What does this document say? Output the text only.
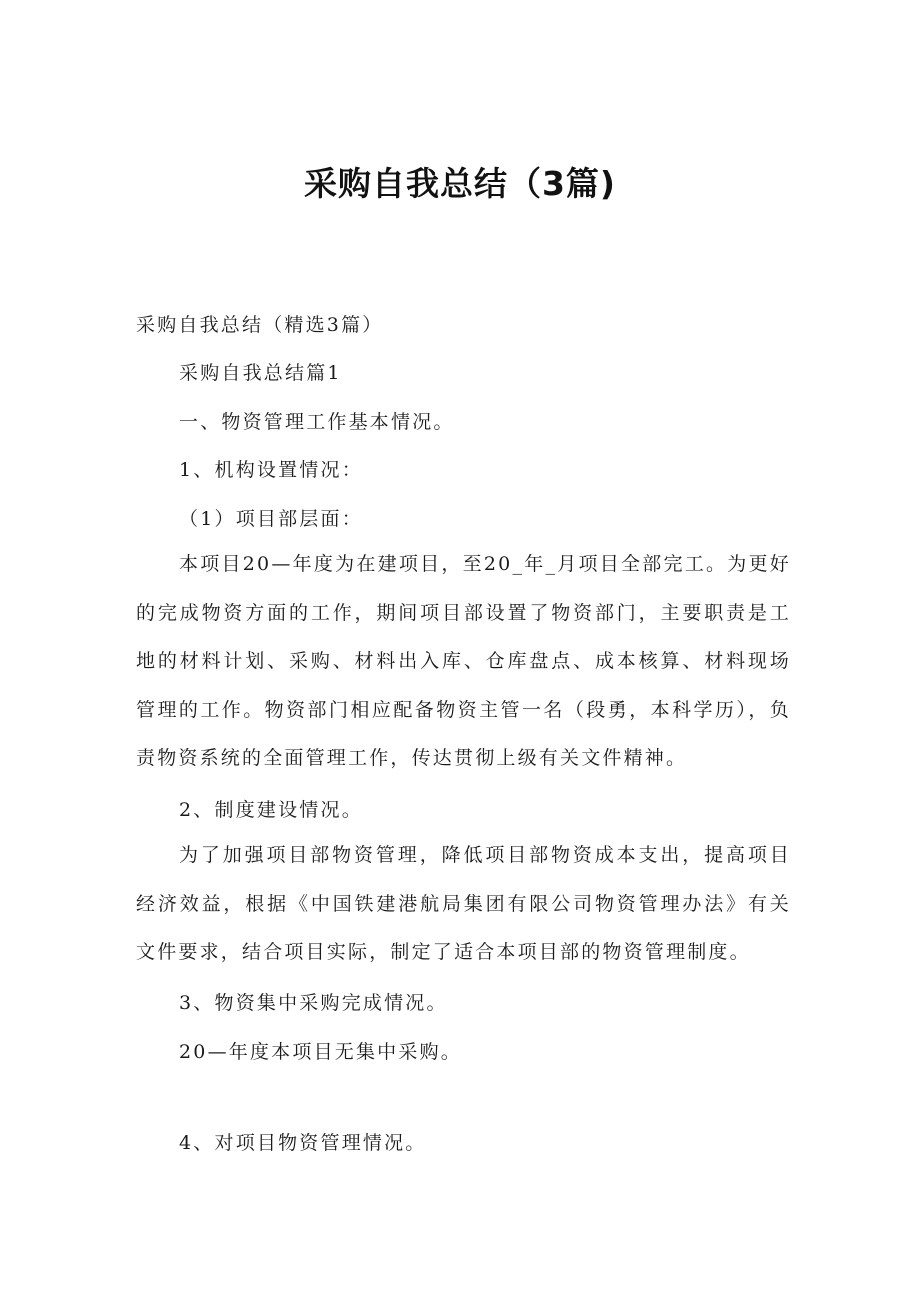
采购自我总结（3篇)
采购自我总结（精选3篇）
采购自我总结篇1
一、物资管理工作基本情况。
1、机构设置情况：
（1）项目部层面：
本项目20—年度为在建项目，至20_年_月项目全部完工。为更好的完成物资方面的工作，期间项目部设置了物资部门，主要职责是工地的材料计划、采购、材料出入库、仓库盘点、成本核算、材料现场管理的工作。物资部门相应配备物资主管一名（段勇，本科学历），负责物资系统的全面管理工作，传达贯彻上级有关文件精神。
2、制度建设情况。
为了加强项目部物资管理，降低项目部物资成本支出，提高项目经济效益，根据《中国铁建港航局集团有限公司物资管理办法》有关文件要求，结合项目实际，制定了适合本项目部的物资管理制度。
3、物资集中采购完成情况。
20—年度本项目无集中采购。
4、对项目物资管理情况。
